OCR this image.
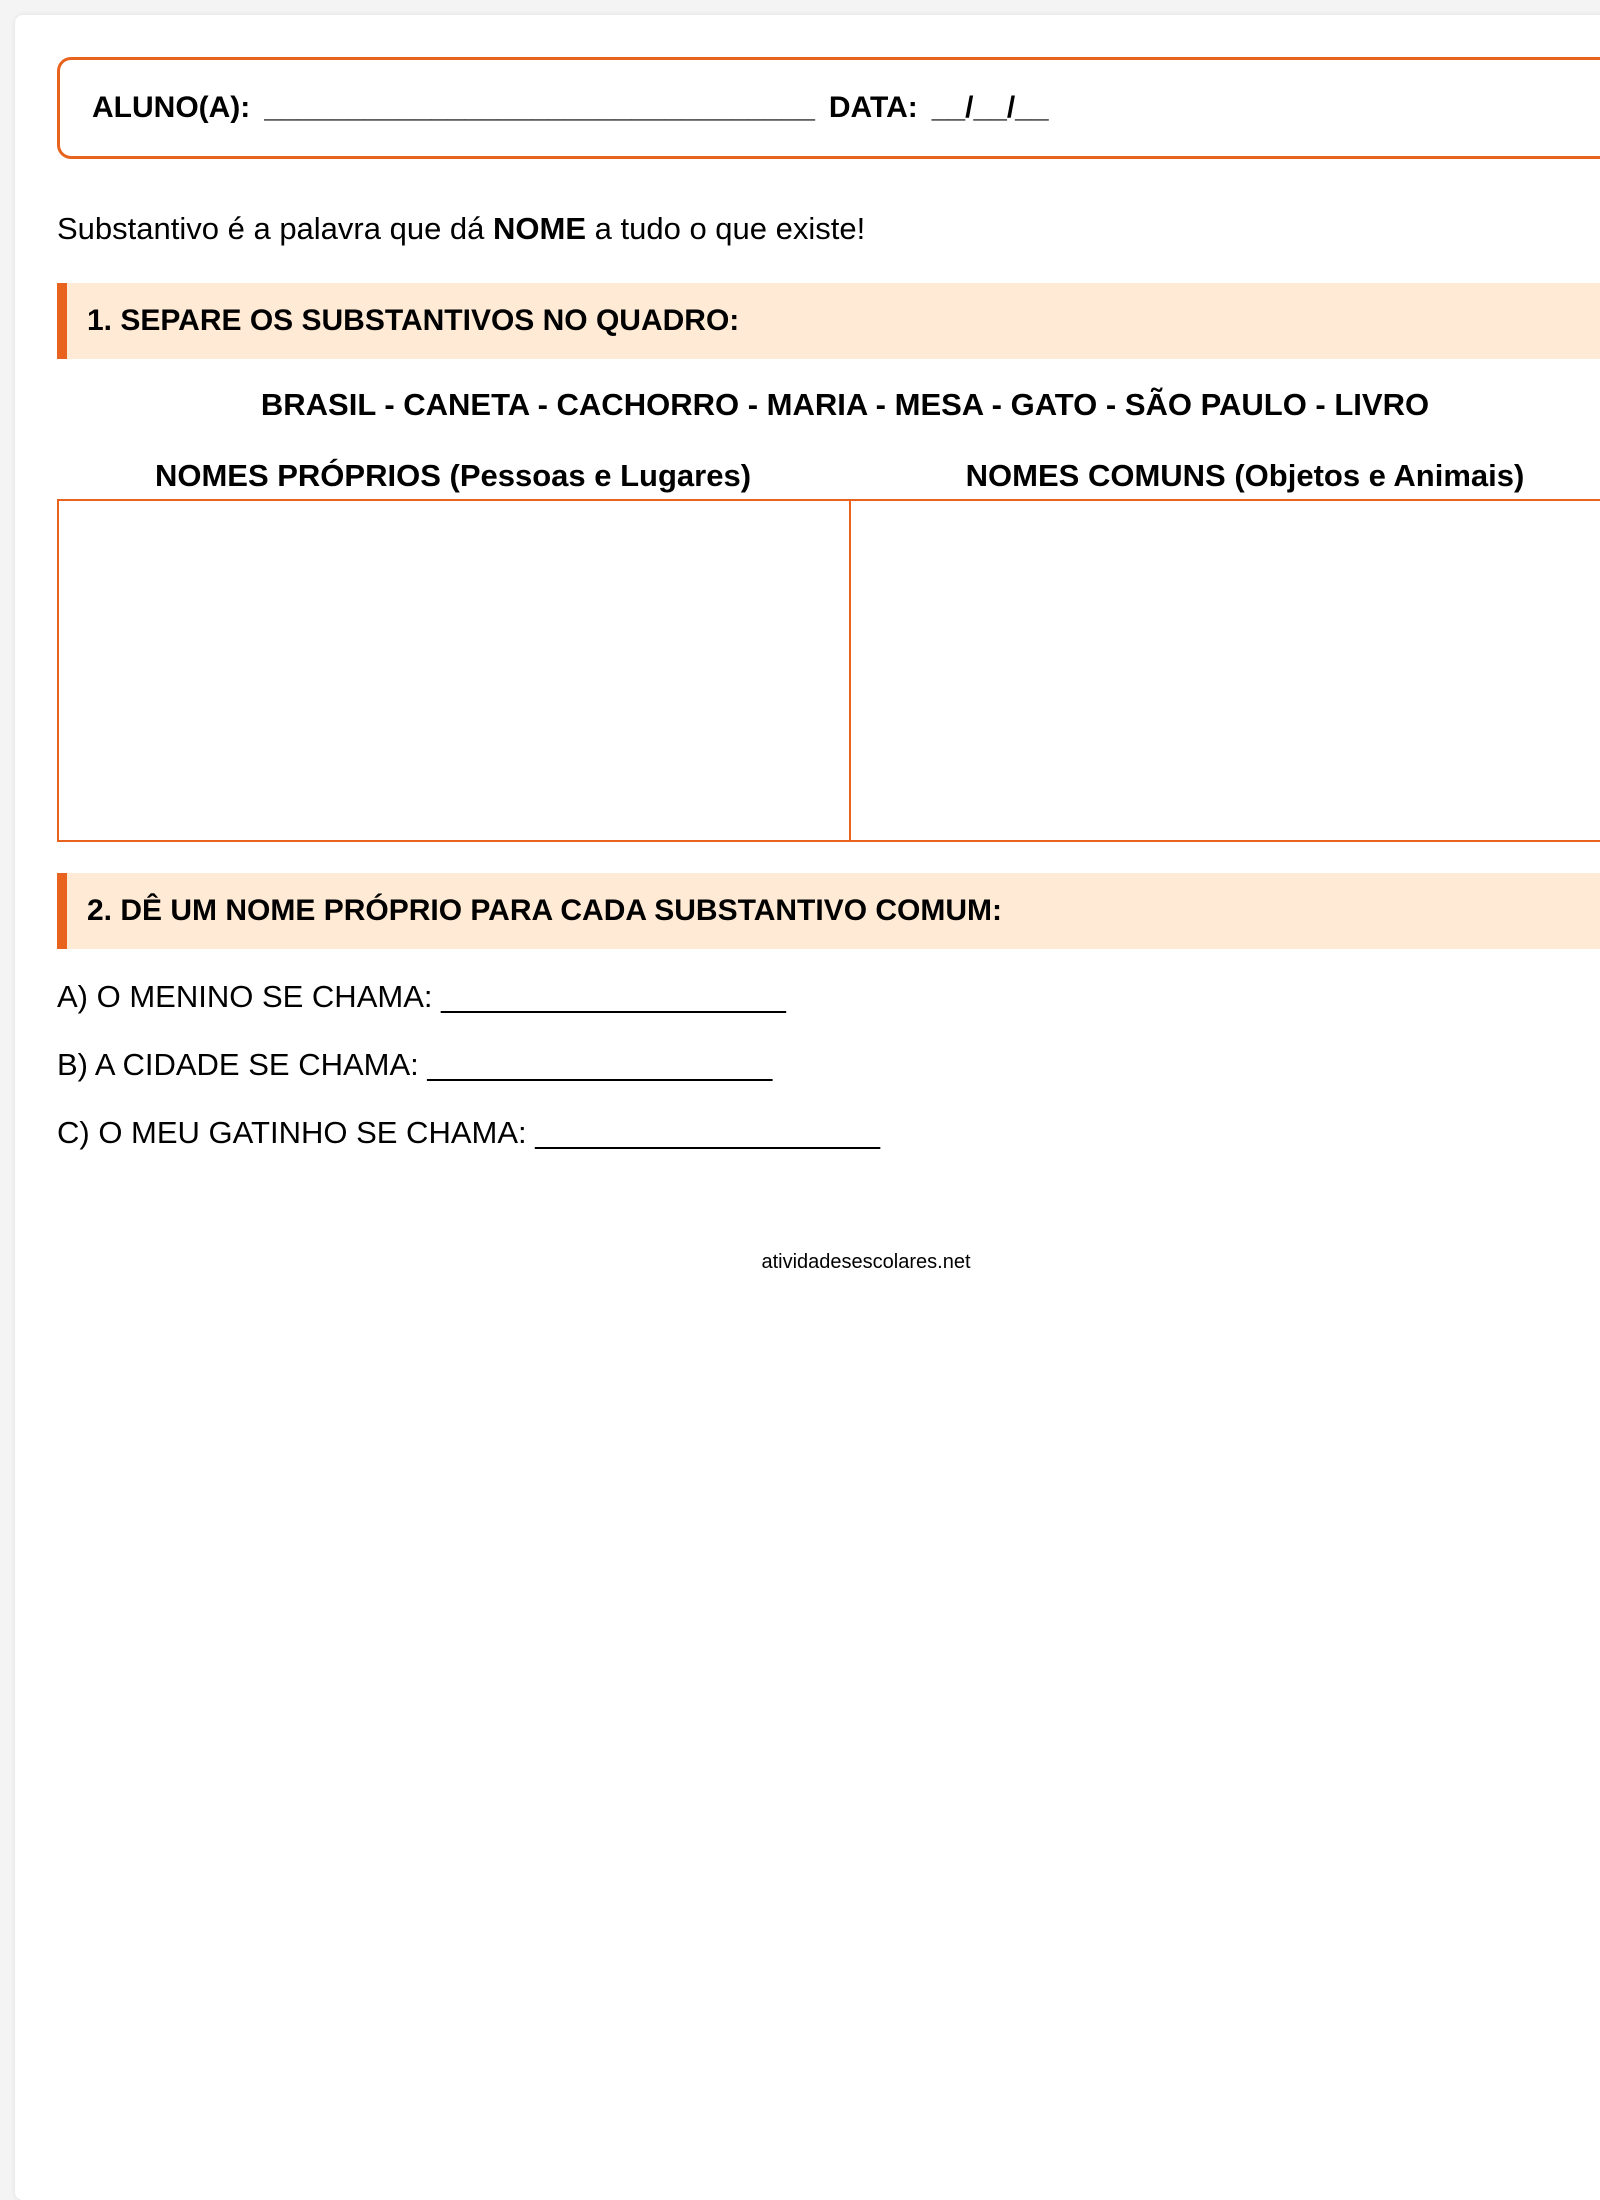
ALUNO(A): _________________________________ DATA: __/__/__
Substantivo é a palavra que dá NOME a tudo o que existe!
1. SEPARE OS SUBSTANTIVOS NO QUADRO:
BRASIL - CANETA - CACHORRO - MARIA - MESA - GATO - SÃO PAULO - LIVRO
NOMES PRÓPRIOS (Pessoas e Lugares)	NOMES COMUNS (Objetos e Animais)
2. DÊ UM NOME PRÓPRIO PARA CADA SUBSTANTIVO COMUM:
A) O MENINO SE CHAMA: ____________________
B) A CIDADE SE CHAMA: ____________________
C) O MEU GATINHO SE CHAMA: ____________________
atividadesescolares.net
